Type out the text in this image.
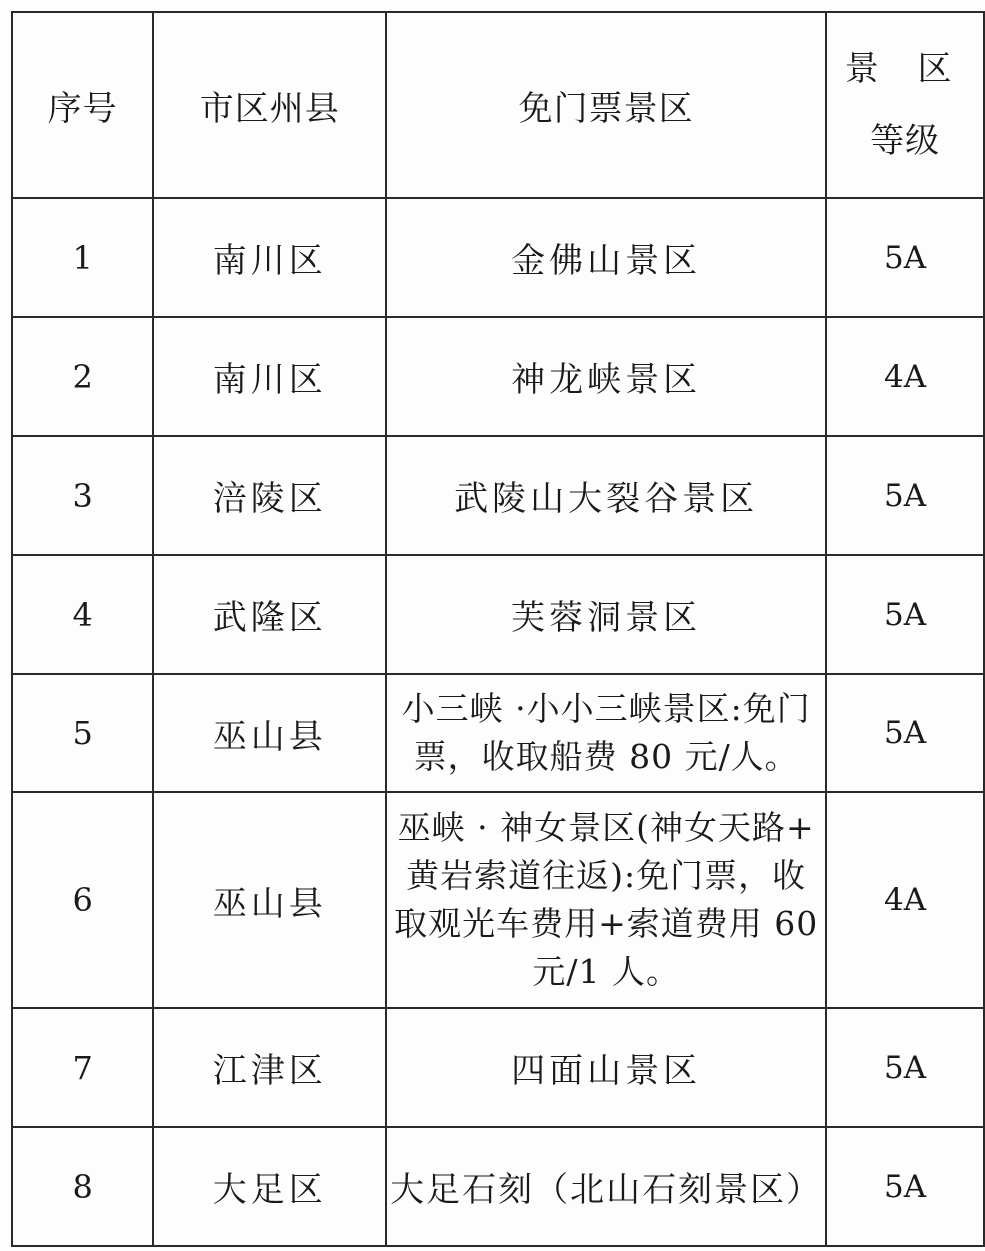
序号	市区州县	免门票景区	景 区
等级

1	南川区	金佛山景区	5A
2	南川区	神龙峡景区	4A
3	涪陵区	武陵山大裂谷景区	5A
4	武隆区	芙蓉洞景区	5A
5	巫山县	小三峡 ·小小三峡景区:免门
票，收取船费 80 元/人。	5A
6	巫山县	巫峡 · 神女景区(神女天路+
黄岩索道往返):免门票，收
取观光车费用+索道费用 60
元/1 人。	4A
7	江津区	四面山景区	5A
8	大足区	大足石刻（北山石刻景区）	5A
